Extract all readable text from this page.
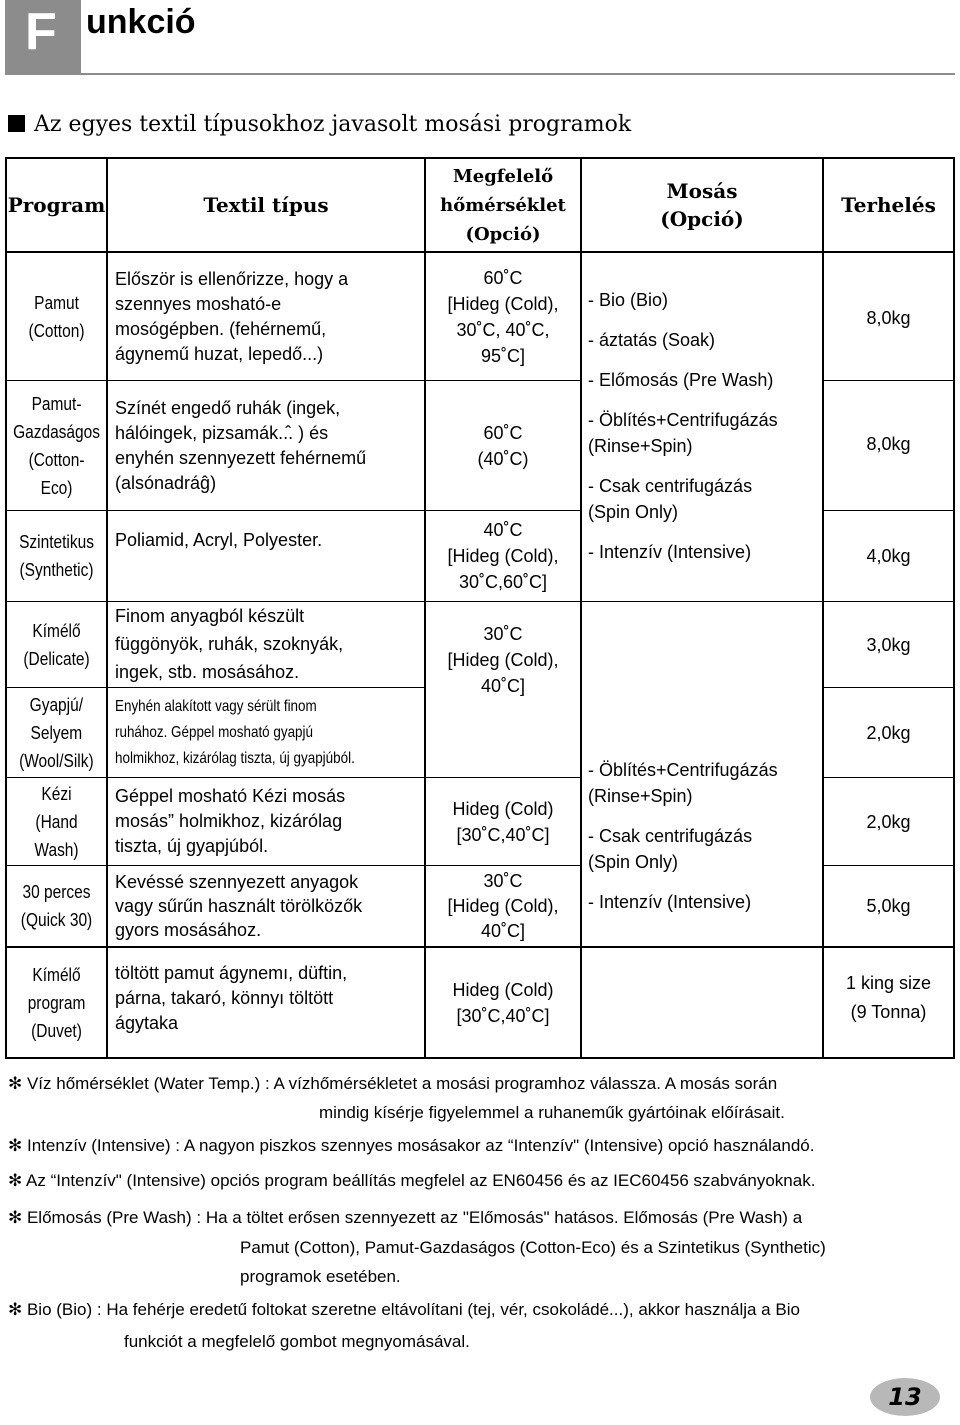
F unkció
Az egyes textil típusokhoz javasolt mosási programok
Program	Textil típus
Megfelelő
hőmérséklet
(Opció)
Mosás
(Opció)
Terhelés
Pamut
(Cotton)
Pamut-
Gazdaságos
(Cotton-Eco)
Szintetikus
(Synthetic)
Kímélő
(Delicate)
Gyapjú/
Selyem
(Wool/Silk)
Kézi
(Hand Wash)
30 perces
(Quick 30)
Kímélő
program
(Duvet)
Először is ellenőrizze, hogy a
szennyes mosható-e
mosógépben. (fehérnemű,
ágynemű huzat, lepedő...)
Színét engedő ruhák (ingek,
hálóingek, pizsamák..̂. ) és
enyhén szennyezett fehérnemű
(alsónadráĝ)
Poliamid, Acryl, Polyester.
Finom anyagból készült
függönyök, ruhák, szoknyák,
ingek, stb. mosásához.
Enyhén alakított vagy sérült finom
ruhához. Géppel mosható gyapjú
holmikhoz, kizárólag tiszta, új gyapjúból.
Géppel mosható Kézi mosás
mosás” holmikhoz, kizárólag
tiszta, új gyapjúból.
Kevéssé szennyezett anyagok
vagy sűrűn használt törölközők
gyors mosásához.
töltött pamut ágynemı, düftin,
párna, takaró, könnyı töltött
ágytaka
60˚C
[Hideg (Cold),
30˚C, 40˚C,
95˚C]
60˚C
(40˚C)
40˚C
[Hideg (Cold),
30˚C,60˚C]
30˚C
[Hideg (Cold),
40˚C]
Hideg (Cold)
[30˚C,40˚C]
30˚C
[Hideg (Cold),
40˚C]
Hideg (Cold)
[30˚C,40˚C]
- Bio (Bio)
- áztatás (Soak)
- Előmosás (Pre Wash)
- Öblítés+Centrifugázás
(Rinse+Spin)
- Csak centrifugázás
(Spin Only)
- Intenzív (Intensive)
- Öblítés+Centrifugázás
(Rinse+Spin)
- Csak centrifugázás
(Spin Only)
- Intenzív (Intensive)
8,0kg
8,0kg
4,0kg
3,0kg
2,0kg
2,0kg
5,0kg
1 king size
(9 Tonna)
✻ Víz hőmérséklet (Water Temp.) : A vízhőmérsékletet a mosási programhoz válassza. A mosás során
mindig kísérje figyelemmel a ruhaneműk gyártóinak előírásait.
✻ Intenzív (Intensive) : A nagyon piszkos szennyes mosásakor az “Intenzív" (Intensive) opció használandó.
✻ Az “Intenzív" (Intensive) opciós program beállítás megfelel az EN60456 és az IEC60456 szabványoknak.
✻ Előmosás (Pre Wash) : Ha a töltet erősen szennyezett az "Előmosás" hatásos. Előmosás (Pre Wash) a
Pamut (Cotton), Pamut-Gazdaságos (Cotton-Eco) és a Szintetikus (Synthetic)
programok esetében.
✻ Bio (Bio) : Ha fehérje eredetű foltokat szeretne eltávolítani (tej, vér, csokoládé...), akkor használja a Bio
funkciót a megfelelő gombot megnyomásával.
13
